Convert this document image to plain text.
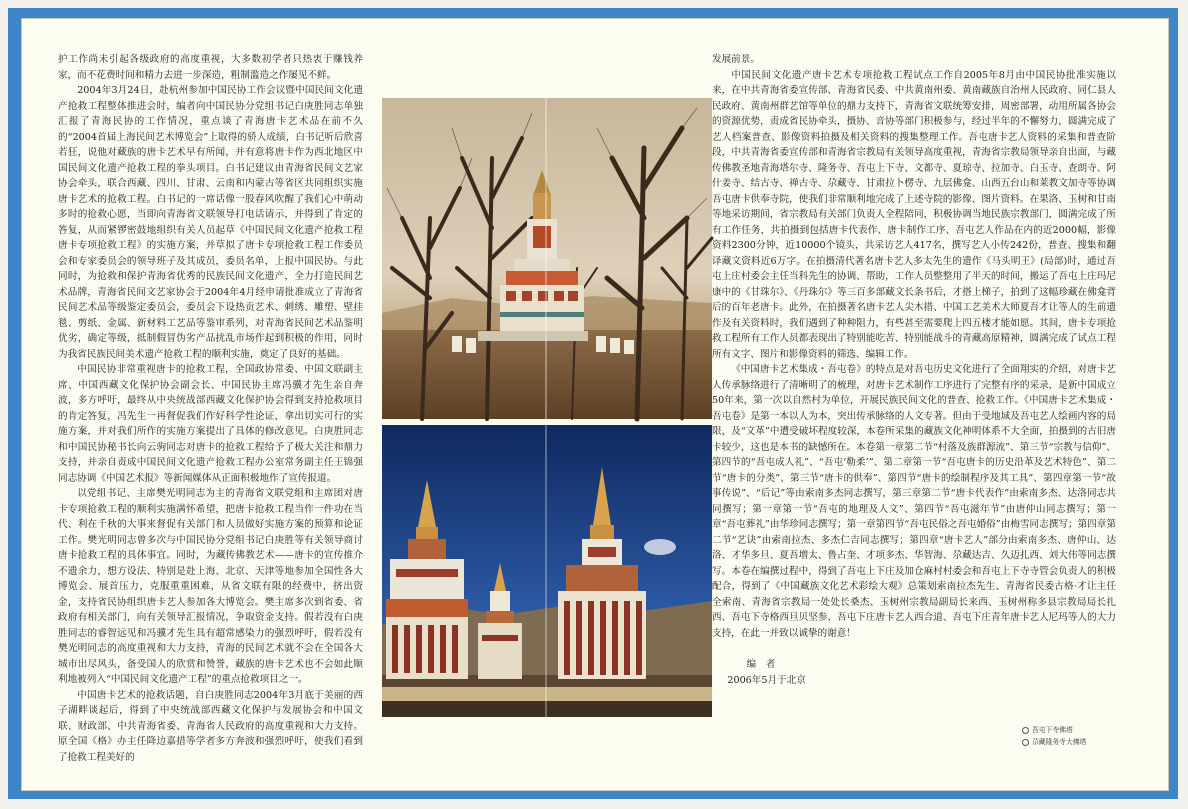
护工作尚未引起各级政府的高度重视，大多数初学者只热衷于赚钱养家，而不花费时间和精力去进一步深造，粗制滥造之作屡见不鲜。

2004年3月24日，赴杭州参加中国民协工作会议暨中国民间文化遗产抢救工程整体推进会时，编者向中国民协分党组书记白庚胜同志单独汇报了青海民协的工作情况，重点谈了青海唐卡艺术品在前不久的“2004首届上海民间艺术博览会”上取得的骄人成绩，白书记听后欣喜若狂，说他对藏族的唐卡艺术早有所闻，并有意将唐卡作为西北地区中国民间文化遗产抢救工程的拳头项目。白书记建议由青海省民间文艺家协会牵头，联合西藏、四川、甘肃、云南和内蒙古等省区共同组织实施唐卡艺术的抢救工程。白书记的一席话像一股春风吹醒了我们心中萌动多时的抢救心愿，当即向青海省文联领导打电话请示，并得到了肯定的答复，从而紧锣密鼓地组织有关人员起草《中国民间文化遗产抢救工程唐卡专项抢救工程》的实施方案，并草拟了唐卡专项抢救工程工作委员会和专家委员会的领导班子及其成员，委员名单，上报中国民协。与此同时，为抢救和保护青海省优秀的民族民间文化遗产，全力打造民间艺术品牌，青海省民间文艺家协会于2004年4月经申请批准成立了青海省民间艺术品等级鉴定委员会，委员会下设热贡艺术、刺绣、雕塑、壁挂毯、剪纸、金属、新材料工艺品等鉴审系列，对青海省民间艺术品鉴明优劣，确定等级，抵制假冒伪劣产品扰乱市场作起到积极的作用，同时为我省民族民间美术遗产抢救工程的顺利实施，奠定了良好的基础。

中国民协非常重视唐卡的抢救工程，全国政协常委、中国文联副主席、中国西藏文化保护协会副会长、中国民协主席冯骥才先生亲自奔波，多方呼吁，最终从中央统战部西藏文化保护协会得到支持抢救项目的肯定答复，冯先生一再督促我们作好科学性论证，拿出切实可行的实施方案，并对我们所作的实施方案提出了具体的修改意见。白庚胜同志和中国民协秘书长向云驹同志对唐卡的抢救工程给予了极大关注和鼎力支持，并亲自责成中国民间文化遗产抢救工程办公室常务副主任王锦强同志协调《中国艺术报》等新闻媒体从正面积极地作了宣传报道。

以党组书记、主席樊光明同志为主的青海省文联党组和主席团对唐卡专项抢救工程的顺利实施满怀希望，把唐卡抢救工程当作一件功在当代、利在千秋的大事来督促有关部门和人员做好实施方案的预算和论证工作。樊光明同志曾多次与中国民协分党组书记白庚胜等有关领导商讨唐卡抢救工程的具体事宜。同时，为藏传佛教艺术——唐卡的宣传推介不遗余力，想方设法、特别是赴上海、北京、天津等地参加全国性各大博览会、展首压力，克服重重困难，从省文联有限的经费中，挤出资金，支持省民协组织唐卡艺人参加各大博览会。樊主席多次到省委、省政府有相关部门，向有关领导汇报情况，争取资金支持。假若没有白庚胜同志的睿智远见和冯骥才先生具有超常感染力的强烈呼吁，假若没有樊光明同志的高度重视和大力支持，青海的民间艺术就不会在全国各大城市出尽风头，备受国人的欣赏和赞誉，藏族的唐卡艺术也不会如此顺利地被列入“中国民间文化遗产工程”的重点抢救项目之一。

中国唐卡艺术的抢救话题，自白庚胜同志2004年3月底于美丽的西子湖畔谈起后，得到了中央统战部西藏文化保护与发展协会和中国文联、财政部、中共青海省委、青海省人民政府的高度重视和大力支持。原全国《格》办主任降边嘉措等学者多方奔波和强烈呼吁，使我们看到了抢救工程美好的

发展前景。

中国民间文化遗产唐卡艺术专项抢救工程试点工作自2005年8月由中国民协批准实施以来，在中共青海省委宣传部、青海省民委、中共黄南州委、黄南藏族自治州人民政府、同仁县人民政府、黄南州群艺馆等单位的鼎力支持下，青海省文联统筹安排，周密部署，动用所属各协会的资源优势，责成省民协牵头，摄协、音协等部门积极参与，经过半年的不懈努力，圆满完成了艺人档案普查、影像资料拍摄及相关资料的搜集整理工作。吾屯唐卡艺人资料的采集和普查阶段，中共青海省委宣传部和青海省宗教局有关领导高度重视，青海省宗教局领导亲自出面，与藏传佛教圣地青海塔尔寺、隆务寺、吾屯上下寺、文都寺、夏琼寺、拉加寺、白玉寺、查朗寺、阿什姜寺、结古寺、禅古寺、尕藏寺、甘肃拉卜楞寺、九层佛龛、山西五台山和莱教文加寺等协调吾屯唐卡供奉寺院，使我们非常顺利地完成了上述寺院的影像、图片资料。在果洛、玉树和甘南等地采访期间，省宗教局有关部门负责人全程陪同，积极协调当地民族宗教部门，圆满完成了所有工作任务，共拍摄到包括唐卡代表作、唐卡制作工序、吾屯艺人作品在内的近2000幅，影像资料2300分钟，近10000个镜头，共采访艺人417名，撰写艺人小传242份，普查、搜集和翻译藏文资料近6万字。在拍摄清代著名唐卡艺人多太先生的遗作《马头明王》(局部)时，通过吾屯上庄村委会主任当科先生的协调、帮助，工作人员整整用了半天的时间，搬运了吾屯上庄玛尼康中的《甘珠尔》、《丹珠尔》等三百多部藏文长条书后，才搭上梯子，拍到了这幅珍藏在佛龛背后的百年老唐卡。此外，在拍摄著名唐卡艺人尖木措、中国工艺美术大师夏吾才让等人的生前遗作及有关资料时，我们遇到了种种阻力，有些甚至需要爬上四五楼才能如愿。其间，唐卡专项抢救工程所有工作人员都表现出了特别能吃苦、特别能战斗的青藏高原精神，圆满完成了试点工程所有文字、图片和影像资料的筛选、编辑工作。

《中国唐卡艺术集成・吾屯卷》的特点是对吾屯历史文化进行了全面翔实的介绍，对唐卡艺人传承脉络进行了清晰明了的梳理，对唐卡艺术制作工序进行了完整有序的采录，是新中国成立50年来，第一次以自然村为单位，开展民族民间文化的普查、抢救工作。《中国唐卡艺术集成・吾屯卷》是第一本以人为本，突出传承脉络的人文专著。但由于受地域及吾屯艺人绘画内容的局限，及“文革”中遭受破坏程度较深，本卷所采集的藏族文化神明体系不大全面，拍摄到的古旧唐卡较少，这也是本书的缺憾所在。本卷第一章第二节“村落及族群源流”、第三节“宗教与信仰”、第四节的“吾屯成人礼”、“吾屯‘勒柔’”、第二章第一节“吾屯唐卡的历史沿革及艺术特色”、第二节“唐卡的分类”、第三节“唐卡的供奉”、第四节“唐卡的绘制程序及其工具”、第四章第一节“故事传说”、“后记”等由索南多杰同志撰写，第三章第二节“唐卡代表作”由索南多杰、达洛同志共同撰写；第一章第一节“吾屯的地理及人文”、第四节“吾屯滋年节”由唐仲山同志撰写；第一章“吾屯葬礼”由华珍同志撰写；第一章第四节“吾屯民俗之吾屯婚俗”由梅雪同志撰写；第四章第二节“艺诀”由索南拉杰、多杰仁吉同志撰写；第四章“唐卡艺人”部分由索南多杰、唐仲山、达洛、才华多旦、夏吾增太、鲁占奎、才项多杰、华智海、尕藏达吉、久迈扎西、刘大伟等同志撰写。本卷在编撰过程中，得到了吾屯上下庄及加仓麻村村委会和吾屯上下寺寺管会负责人的积极配合，得到了《中国藏族文化艺术彩绘大观》总策划索南拉杰先生、青海省民委古格·才让主任全索南、青海省宗教局一处处长桑杰、玉树州宗教局副局长来西、玉树州称多县宗教局局长扎西、吾屯下寺格西旦贝坚参、吾屯下庄唐卡艺人西合道、吾屯下庄青年唐卡艺人尼玛等人的大力支持，在此一并致以诚挚的谢意！

编　者

2006年5月于北京

吾屯下寺佛塔
尕藏隆务寺大佛塔
